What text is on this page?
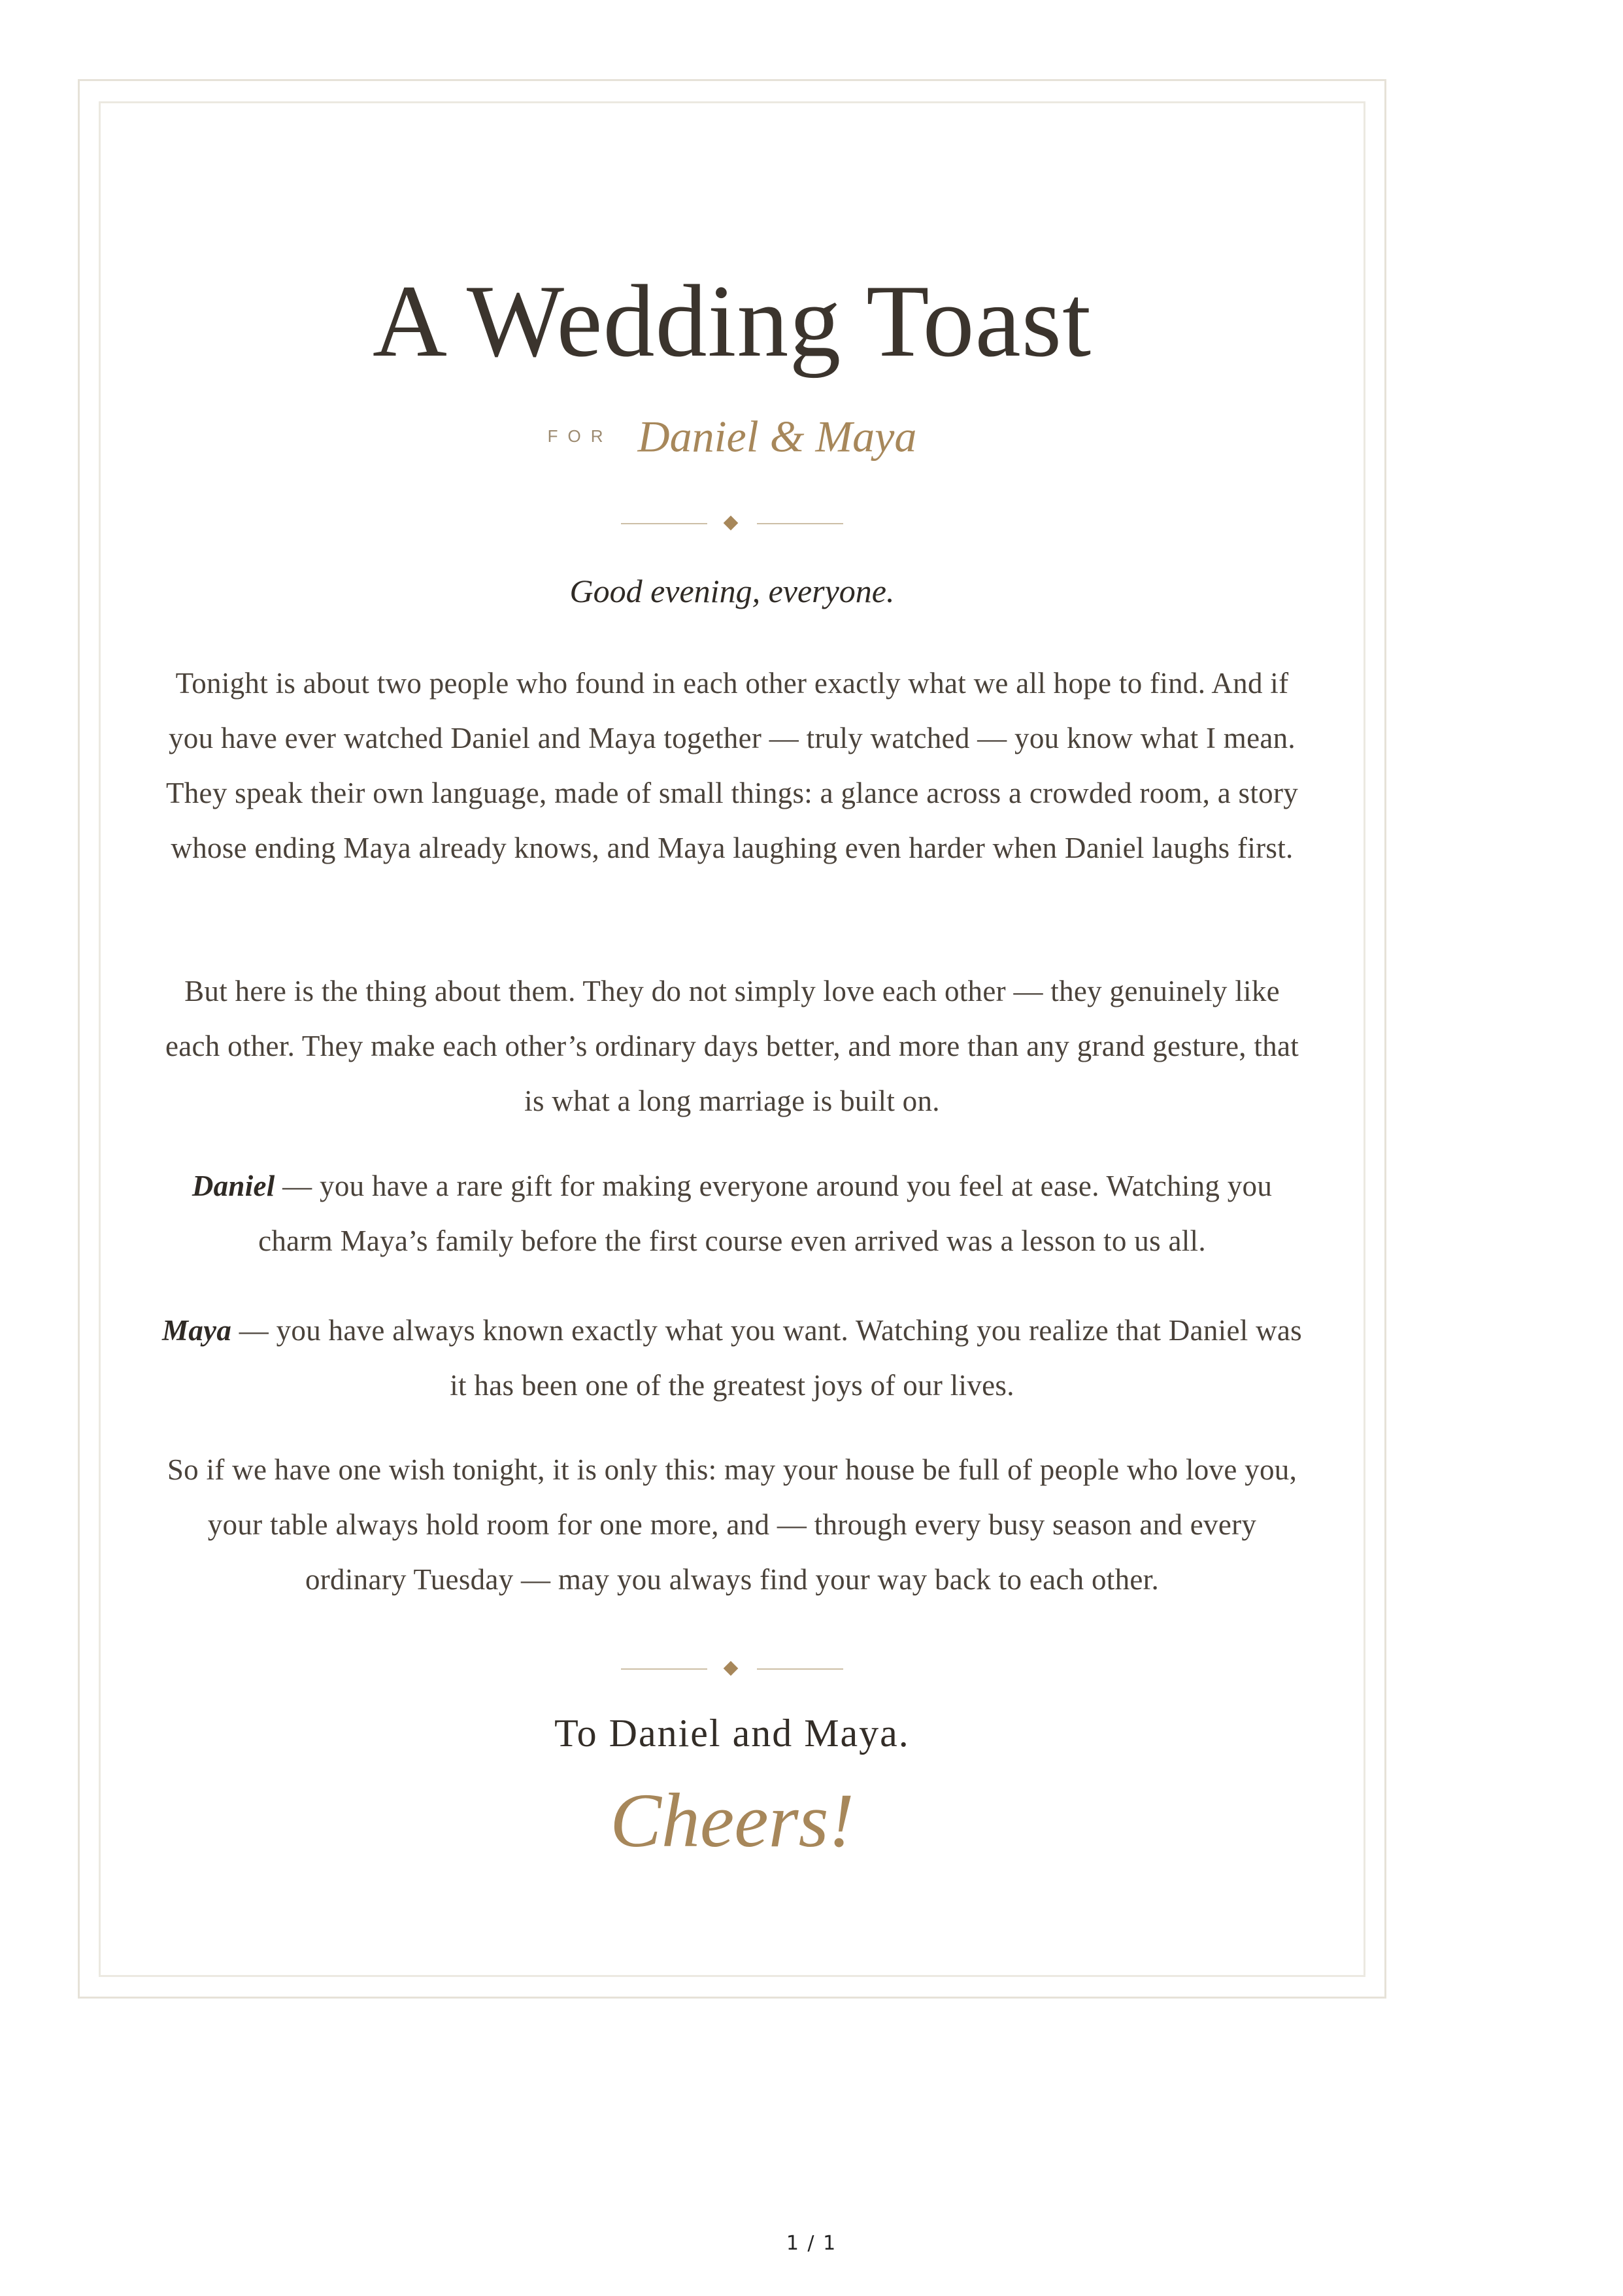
A Wedding Toast
FOR Daniel & Maya

Good evening, everyone.

Tonight is about two people who found in each other exactly what we all hope to find. And if you have ever watched Daniel and Maya together — truly watched — you know what I mean. They speak their own language, made of small things: a glance across a crowded room, a story whose ending Maya already knows, and Maya laughing even harder when Daniel laughs first.

But here is the thing about them. They do not simply love each other — they genuinely like each other. They make each other’s ordinary days better, and more than any grand gesture, that is what a long marriage is built on.

Daniel — you have a rare gift for making everyone around you feel at ease. Watching you charm Maya’s family before the first course even arrived was a lesson to us all.

Maya — you have always known exactly what you want. Watching you realize that Daniel was it has been one of the greatest joys of our lives.

So if we have one wish tonight, it is only this: may your house be full of people who love you, your table always hold room for one more, and — through every busy season and every ordinary Tuesday — may you always find your way back to each other.

To Daniel and Maya.

Cheers!

1 / 1
